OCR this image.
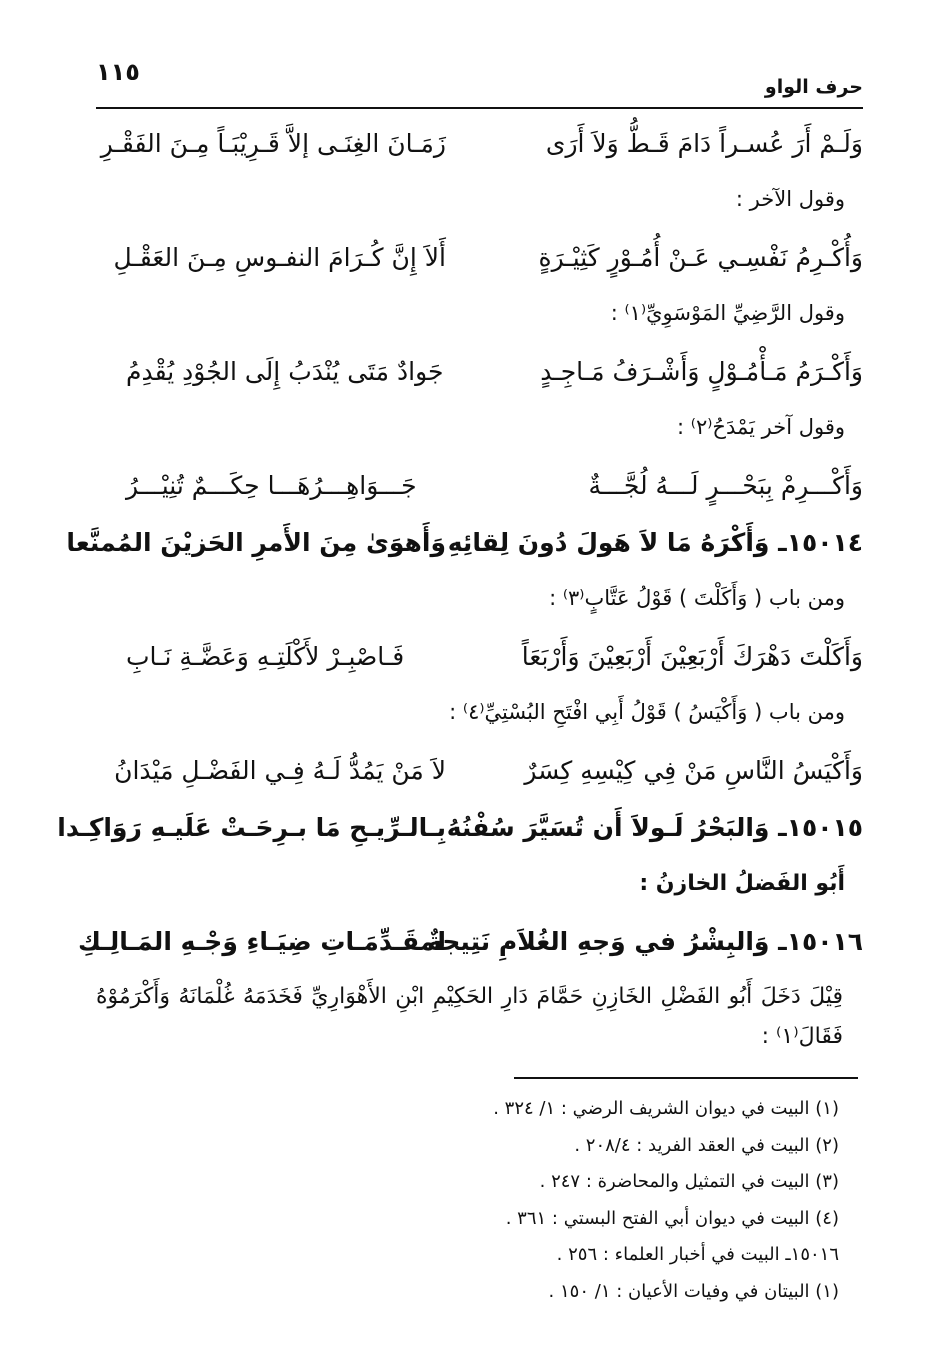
١١٥
حرف الواو
وَلَـمْ أَرَ عُسـراً دَامَ قَـطُّ وَلاَ أَرَى
زَمَـانَ الغِنَـى إلاَّ قَـرِيْبَـاً مِـنَ الفَقْـرِ
وقول الآخر :
وَأُكْـرِمُ نَفْسِـي عَـنْ أُمُـوْرٍ كَثِيْـرَةٍ
أَلاَ إِنَّ كُـرَامَ النفـوسِ مِـنَ العَقْـلِ
وقول الرَّضِيِّ المَوْسَوِيِّ⁽١⁾ :
وَأَكْـرَمُ مَـأْمُـوْلٍ وَأَشْـرَفُ مَـاجِـدٍ
جَوادٌ مَتَى يُنْدَبُ إِلَى الجُوْدِ يُقْدِمُ
وقول آخر يَمْدَحُ⁽٢⁾ :
وَأَكْـــرِمْ بِبَحْـــرٍ لَـــهُ لُجَّـــةٌ
جَـــوَاهِـــرُهَـــا حِكَـــمٌ تُنِيْـــرُ
١٥٠١٤ـ وَأَكْرَهُ مَا لاَ هَولَ دُونَ لِقائِهِ
وَأَهوَىٰ مِنَ الأَمرِ الحَزيْنَ المُمنَّعا
ومن باب ( وَأَكَلْتَ ) قَوْلُ عَتَّابٍ⁽٣⁾ :
وَأَكَلْتَ دَهْرَكَ أَرْبَعِيْنَ أَرْبَعِيْنَ وَأَرْبَعَاً
فَـاصْبِـرْ لأَكْلَتِـهِ وَعَضَّـةِ نَـابِ
ومن باب ( وَأَكْيَسُ ) قَوْلُ أَبِي افْتَحِ البُسْتِيِّ⁽٤⁾ :
وَأَكْيَسُ النَّاسِ مَنْ فِي كِيْسِهِ كِسَرٌ
لاَ مَنْ يَمُدُّ لَـهُ فِـي الفَضْـلِ مَيْدَانُ
١٥٠١٥ـ وَالبَحْرُ لَـولاَ أَن تُسَيَّرَ سُفْنُهُ
بِـالـرِّيـحِ مَا بـرِحَـتْ عَلَيـهِ رَوَاكِـدا
أَبُو الفَضلُ الخازنُ :
١٥٠١٦ـ وَالبِشْرُ في وَجهِ الغُلاَمِ نَتِيجةٌ
لمقَـدِّمَـاتِ ضِيَـاءِ وَجْـهِ المَـالِـكِ
قِيْلَ دَخَلَ أَبُو الفَضْلِ الخَازِنِ حَمَّامَ دَارِ الحَكِيْمِ ابْنِ الأَهْوَارِيِّ فَخَدَمَهُ غُلْمَانَهُ وَأَكْرَمُوْهُ فَقَالَ⁽١⁾ :
(١) البيت في ديوان الشريف الرضي : ١/ ٣٢٤ .
(٢) البيت في العقد الفريد : ٢٠٨/٤ .
(٣) البيت في التمثيل والمحاضرة : ٢٤٧ .
(٤) البيت في ديوان أبي الفتح البستي : ٣٦١ .
١٥٠١٦ـ البيت في أخبار العلماء : ٢٥٦ .
(١) البيتان في وفيات الأعيان : ١/ ١٥٠ .
